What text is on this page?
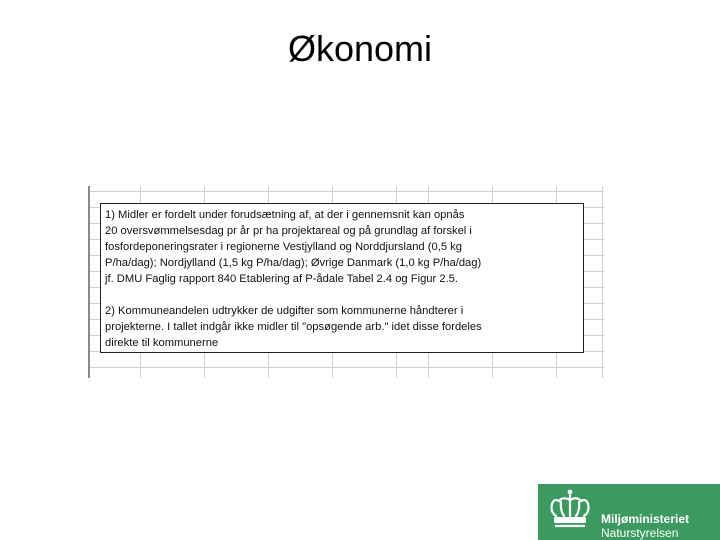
Økonomi

1) Midler er fordelt under forudsætning af, at der i gennemsnit kan opnås
20 oversvømmelsesdag pr år pr ha projektareal og på grundlag af forskel i
fosfordeponeringsrater i regionerne Vestjylland og Norddjursland (0,5 kg
P/ha/dag); Nordjylland (1,5 kg P/ha/dag); Øvrige Danmark (1,0 kg P/ha/dag)
jf. DMU Faglig rapport 840 Etablering af P-ådale Tabel 2.4 og Figur 2.5.

2) Kommuneandelen udtrykker de udgifter som kommunerne håndterer i
projekterne. I tallet indgår ikke midler til "opsøgende arb." idet disse fordeles
direkte til kommunerne

Miljøministeriet
Naturstyrelsen
